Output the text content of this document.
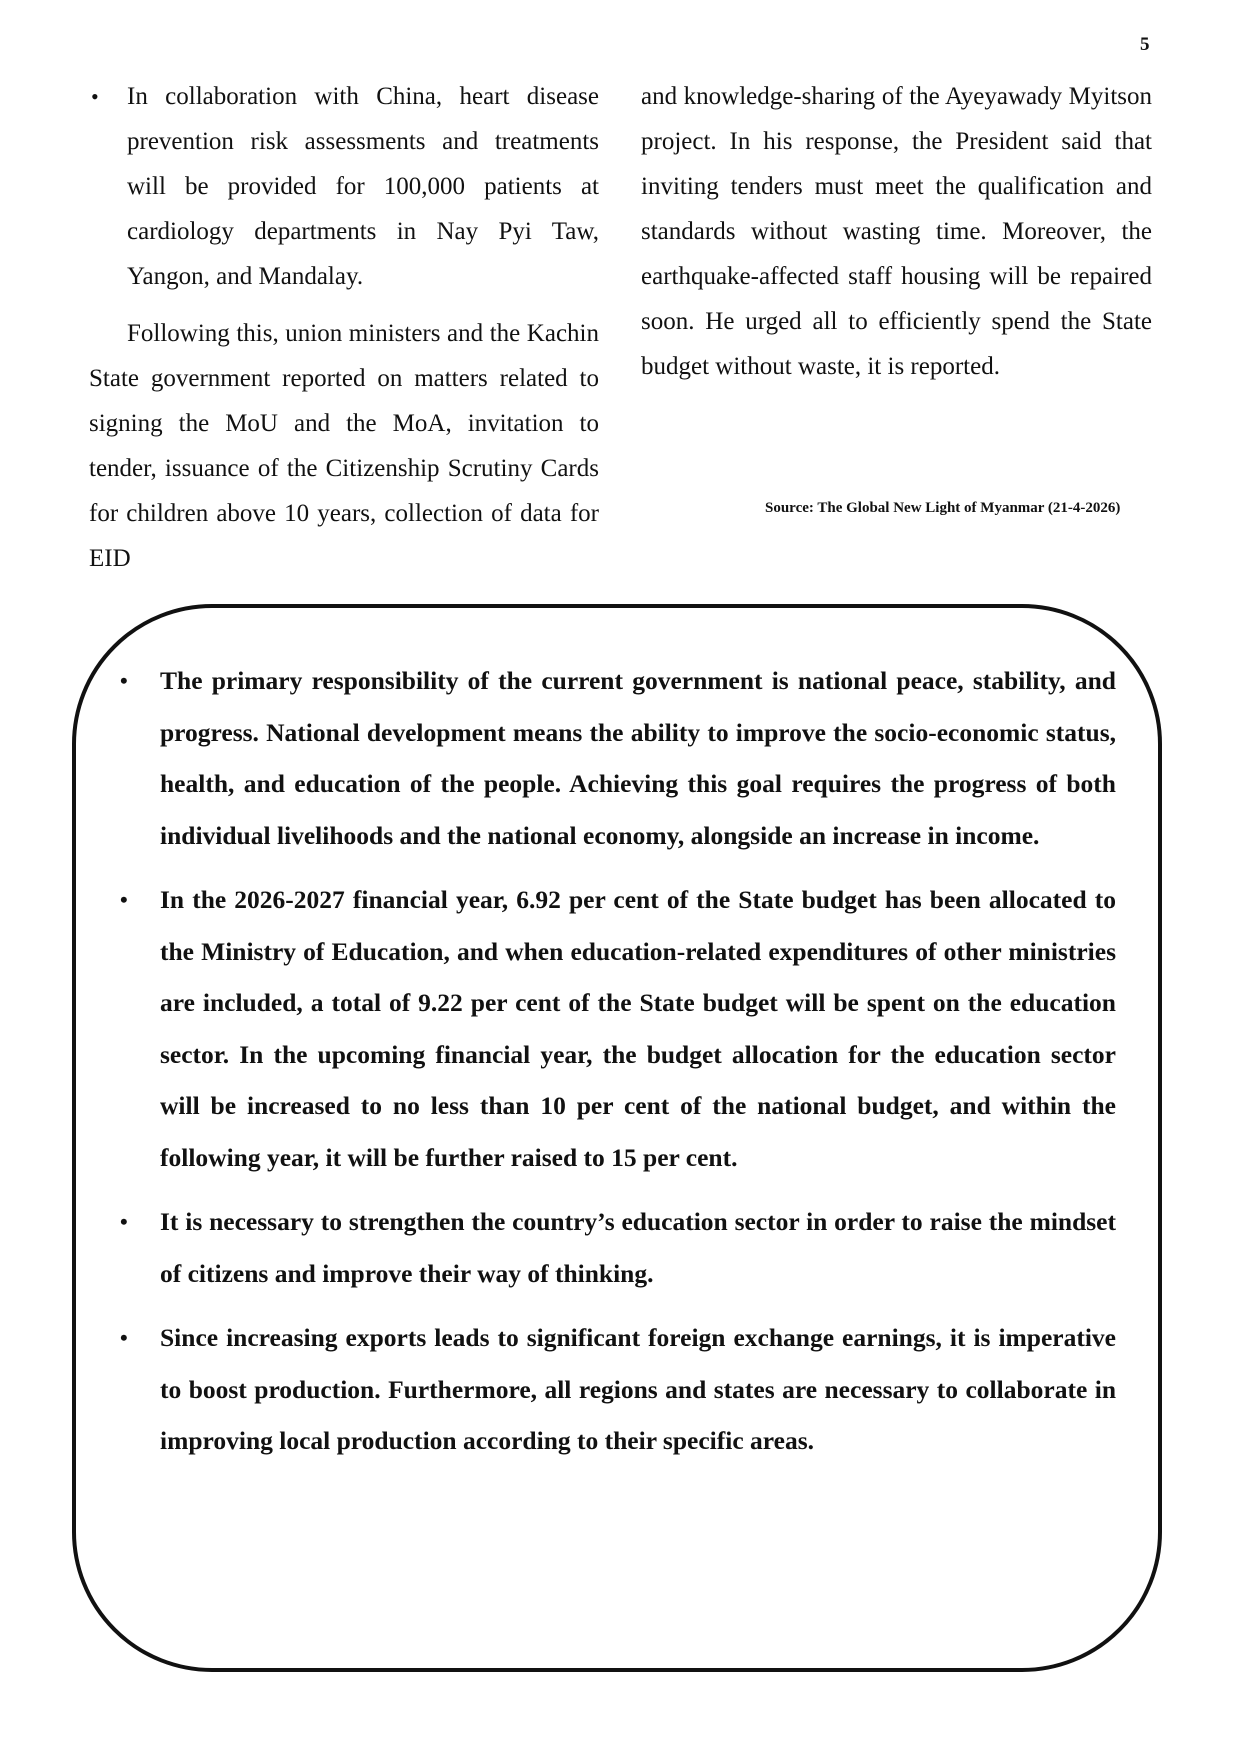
5
• In collaboration with China, heart disease prevention risk assessments and treatments will be provided for 100,000 patients at cardiology departments in Nay Pyi Taw, Yangon, and Mandalay.

Following this, union ministers and the Kachin State government reported on matters related to signing the MoU and the MoA, invitation to tender, issuance of the Citizenship Scrutiny Cards for children above 10 years, collection of data for EID

and knowledge-sharing of the Ayeyawady Myitson project. In his response, the President said that inviting tenders must meet the qualification and standards without wasting time. Moreover, the earthquake-affected staff housing will be repaired soon. He urged all to efficiently spend the State budget without waste, it is reported.

Source: The Global New Light of Myanmar (21-4-2026)
• The primary responsibility of the current government is national peace, stability, and progress. National development means the ability to improve the socio-economic status, health, and education of the people. Achieving this goal requires the progress of both individual livelihoods and the national economy, alongside an increase in income.
• In the 2026-2027 financial year, 6.92 per cent of the State budget has been allocated to the Ministry of Education, and when education-related expenditures of other ministries are included, a total of 9.22 per cent of the State budget will be spent on the education sector. In the upcoming financial year, the budget allocation for the education sector will be increased to no less than 10 per cent of the national budget, and within the following year, it will be further raised to 15 per cent.
• It is necessary to strengthen the country’s education sector in order to raise the mindset of citizens and improve their way of thinking.
• Since increasing exports leads to significant foreign exchange earnings, it is imperative to boost production. Furthermore, all regions and states are necessary to collaborate in improving local production according to their specific areas.
